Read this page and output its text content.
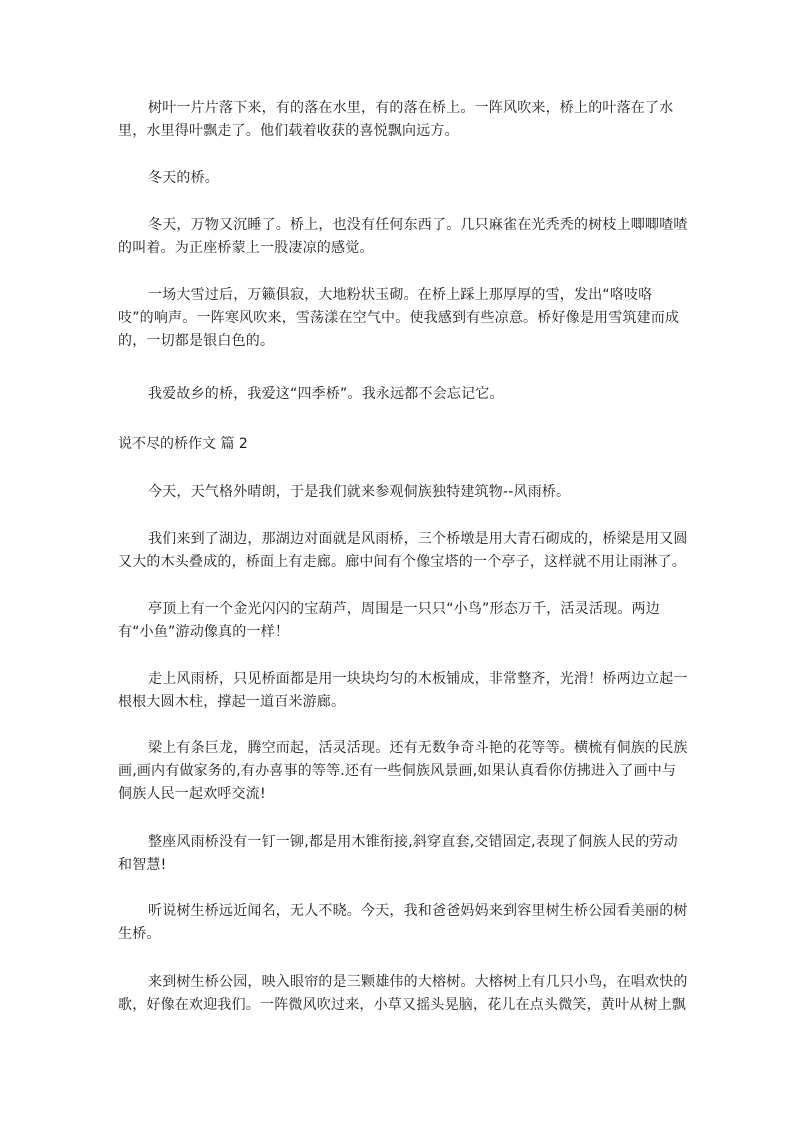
树叶一片片落下来，有的落在水里，有的落在桥上。一阵风吹来，桥上的叶落在了水里，水里得叶飘走了。他们载着收获的喜悦飘向远方。

冬天的桥。

冬天，万物又沉睡了。桥上，也没有任何东西了。几只麻雀在光秃秃的树枝上唧唧喳喳的叫着。为正座桥蒙上一股凄凉的感觉。

一场大雪过后，万籁俱寂，大地粉状玉砌。在桥上踩上那厚厚的雪，发出“咯吱咯吱”的响声。一阵寒风吹来，雪荡漾在空气中。使我感到有些凉意。桥好像是用雪筑建而成的，一切都是银白色的。

我爱故乡的桥，我爱这“四季桥”。我永远都不会忘记它。

说不尽的桥作文 篇 2

今天，天气格外晴朗，于是我们就来参观侗族独特建筑物--风雨桥。

我们来到了湖边，那湖边对面就是风雨桥，三个桥墩是用大青石砌成的，桥梁是用又圆又大的木头叠成的，桥面上有走廊。廊中间有个像宝塔的一个亭子，这样就不用让雨淋了。

亭顶上有一个金光闪闪的宝葫芦，周围是一只只“小鸟”形态万千，活灵活现。两边有“小鱼”游动像真的一样！

走上风雨桥，只见桥面都是用一块块均匀的木板铺成，非常整齐，光滑！桥两边立起一根根大圆木柱，撑起一道百米游廊。

梁上有条巨龙，腾空而起，活灵活现。还有无数争奇斗艳的花等等。横梳有侗族的民族画,画内有做家务的,有办喜事的等等.还有一些侗族风景画,如果认真看你仿拂进入了画中与侗族人民一起欢呼交流!

整座风雨桥没有一钉一铆,都是用木锥衔接,斜穿直套,交错固定,表现了侗族人民的劳动和智慧!

听说树生桥远近闻名，无人不晓。今天，我和爸爸妈妈来到容里树生桥公园看美丽的树生桥。

来到树生桥公园，映入眼帘的是三颗雄伟的大榕树。大榕树上有几只小鸟，在唱欢快的歌，好像在欢迎我们。一阵微风吹过来，小草又摇头晃脑，花儿在点头微笑，黄叶从树上飘
